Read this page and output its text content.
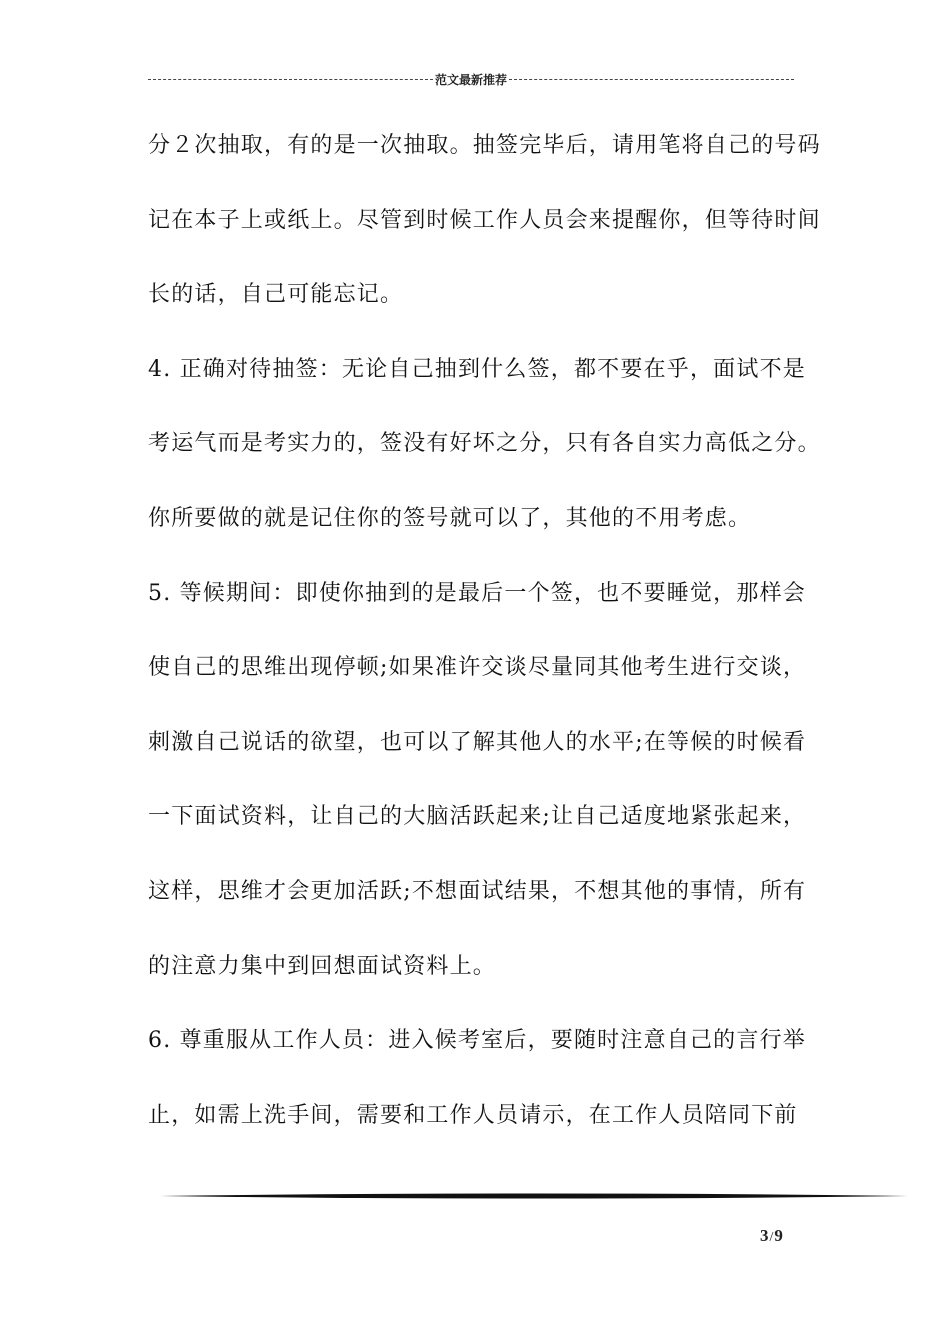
范文最新推荐
分２次抽取，有的是一次抽取。抽签完毕后，请用笔将自己的号码
记在本子上或纸上。尽管到时候工作人员会来提醒你，但等待时间
长的话，自己可能忘记。
4. 正确对待抽签：无论自己抽到什么签，都不要在乎，面试不是
考运气而是考实力的，签没有好坏之分，只有各自实力高低之分。
你所要做的就是记住你的签号就可以了，其他的不用考虑。
5. 等候期间：即使你抽到的是最后一个签，也不要睡觉，那样会
使自己的思维出现停顿;如果准许交谈尽量同其他考生进行交谈，
刺激自己说话的欲望，也可以了解其他人的水平;在等候的时候看
一下面试资料，让自己的大脑活跃起来;让自己适度地紧张起来，
这样，思维才会更加活跃;不想面试结果，不想其他的事情，所有
的注意力集中到回想面试资料上。
6. 尊重服从工作人员：进入候考室后，要随时注意自己的言行举
止，如需上洗手间，需要和工作人员请示，在工作人员陪同下前
3/9
